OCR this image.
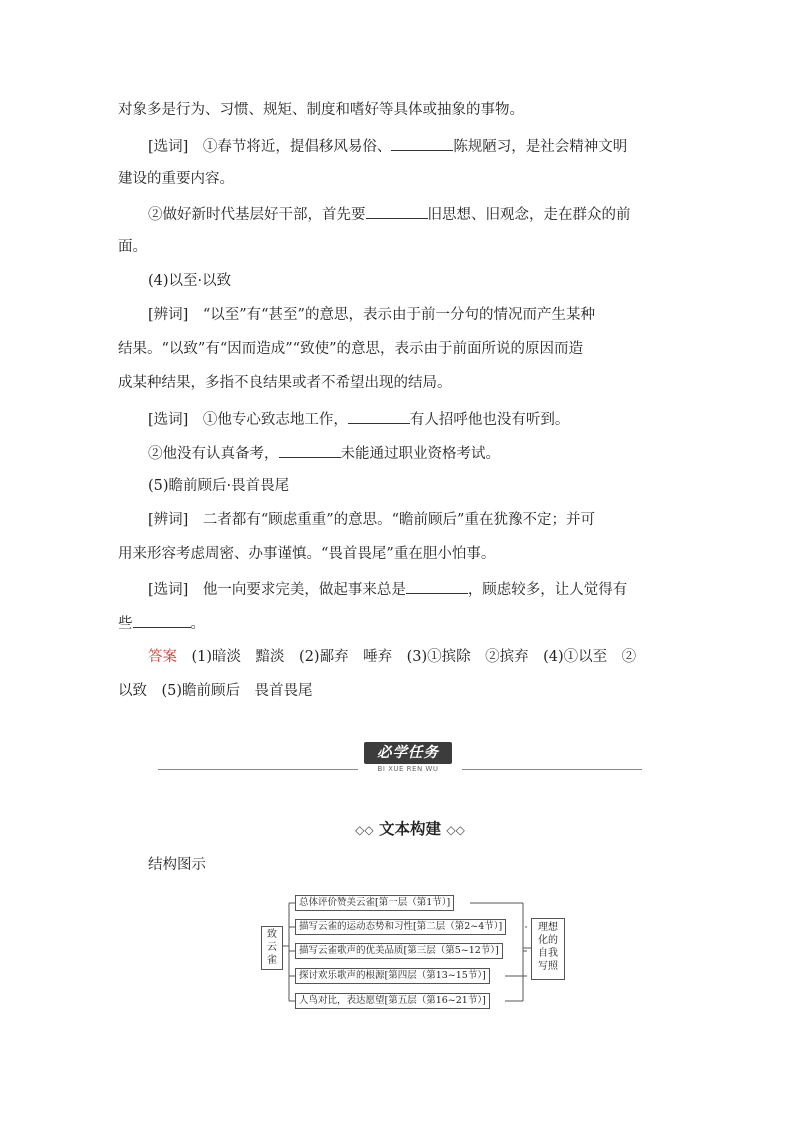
对象多是行为、习惯、规矩、制度和嗜好等具体或抽象的事物。
[选词]　①春节将近，提倡移风易俗、	陈规陋习，是社会精神文明
建设的重要内容。
②做好新时代基层好干部，首先要	旧思想、旧观念，走在群众的前
面。
(4)以至·以致
[辨词]　“以至”有“甚至”的意思，表示由于前一分句的情况而产生某种
结果。“以致”有“因而造成”“致使”的意思，表示由于前面所说的原因而造
成某种结果，多指不良结果或者不希望出现的结局。
[选词]　①他专心致志地工作，	有人招呼他也没有听到。
②他没有认真备考，	未能通过职业资格考试。
(5)瞻前顾后·畏首畏尾
[辨词]　二者都有“顾虑重重”的意思。“瞻前顾后”重在犹豫不定；并可
用来形容考虑周密、办事谨慎。“畏首畏尾”重在胆小怕事。
[选词]　他一向要求完美，做起事来总是	，顾虑较多，让人觉得有
些	。
答案　 (1)暗淡　黯淡　(2)鄙弃　唾弃　(3)①摈除　②摈弃　(4)①以至　②
以致　(5)瞻前顾后　畏首畏尾
必学任务
BI XUE REN WU
◇◇ 文本构建 ◇◇
结构图示
致云雀
总体评价赞美云雀[第一层（第1节）]
描写云雀的运动态势和习性[第二层（第2~4节）]
描写云雀歌声的优美品质[第三层（第5~12节）]
探讨欢乐歌声的根源[第四层（第13~15节）]
人鸟对比，表达愿望[第五层（第16~21节）]
理想化的自我写照
